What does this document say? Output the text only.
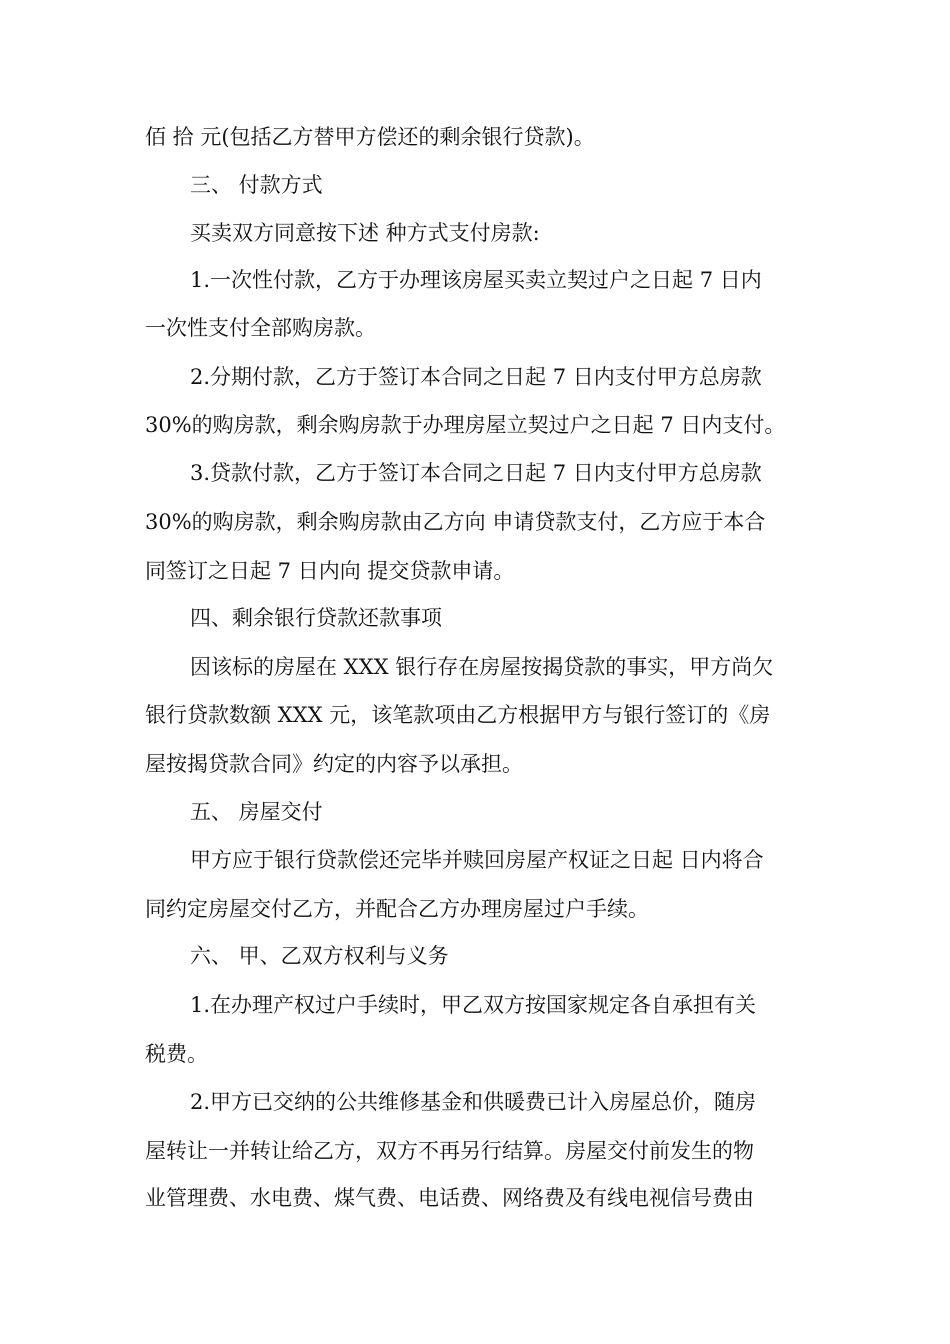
佰 拾 元(包括乙方替甲方偿还的剩余银行贷款)。

三、 付款方式

买卖双方同意按下述 种方式支付房款:

1.一次性付款，乙方于办理该房屋买卖立契过户之日起 7 日内

一次性支付全部购房款。

2.分期付款，乙方于签订本合同之日起 7 日内支付甲方总房款

30%的购房款，剩余购房款于办理房屋立契过户之日起 7 日内支付。

3.贷款付款，乙方于签订本合同之日起 7 日内支付甲方总房款

30%的购房款，剩余购房款由乙方向 申请贷款支付，乙方应于本合

同签订之日起 7 日内向 提交贷款申请。

四、剩余银行贷款还款事项

因该标的房屋在 XXX 银行存在房屋按揭贷款的事实，甲方尚欠

银行贷款数额 XXX 元，该笔款项由乙方根据甲方与银行签订的《房

屋按揭贷款合同》约定的内容予以承担。

五、 房屋交付

甲方应于银行贷款偿还完毕并赎回房屋产权证之日起 日内将合

同约定房屋交付乙方，并配合乙方办理房屋过户手续。

六、 甲、乙双方权利与义务

1.在办理产权过户手续时，甲乙双方按国家规定各自承担有关

税费。

2.甲方已交纳的公共维修基金和供暖费已计入房屋总价，随房

屋转让一并转让给乙方，双方不再另行结算。房屋交付前发生的物

业管理费、水电费、煤气费、电话费、网络费及有线电视信号费由
